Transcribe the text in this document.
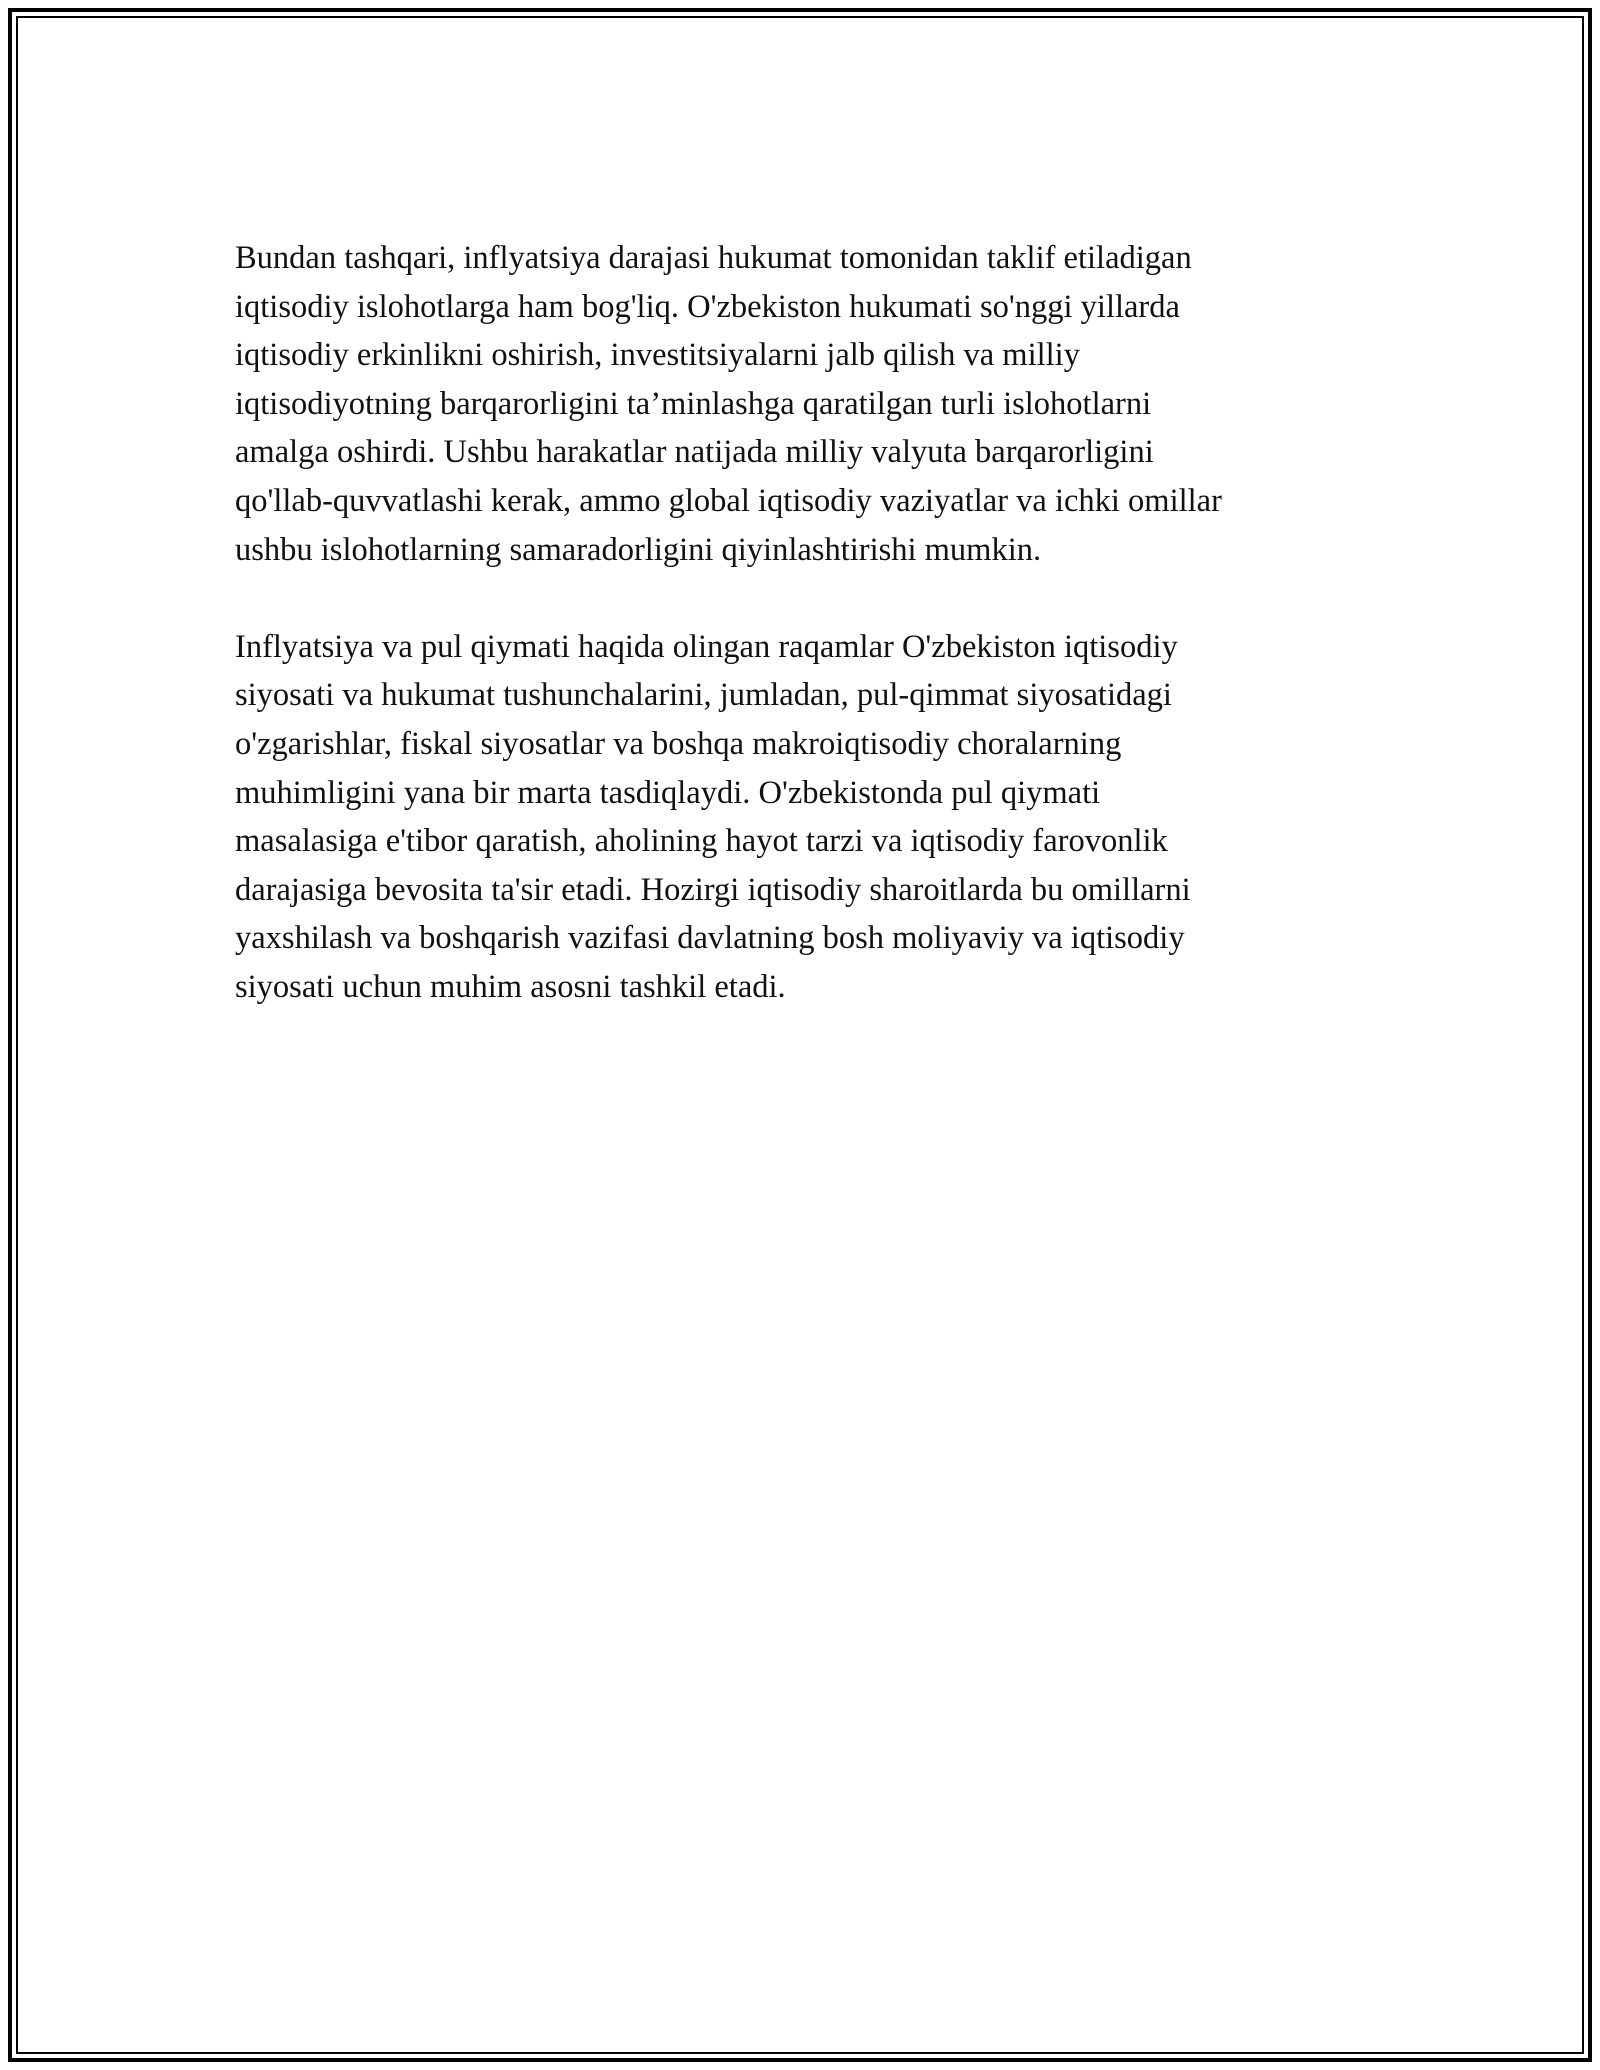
Bundan tashqari, inflyatsiya darajasi hukumat tomonidan taklif etiladigan
iqtisodiy islohotlarga ham bog'liq. O'zbekiston hukumati so'nggi yillarda
iqtisodiy erkinlikni oshirish, investitsiyalarni jalb qilish va milliy
iqtisodiyotning barqarorligini ta’minlashga qaratilgan turli islohotlarni
amalga oshirdi. Ushbu harakatlar natijada milliy valyuta barqarorligini
qo'llab-quvvatlashi kerak, ammo global iqtisodiy vaziyatlar va ichki omillar
ushbu islohotlarning samaradorligini qiyinlashtirishi mumkin.

Inflyatsiya va pul qiymati haqida olingan raqamlar O'zbekiston iqtisodiy
siyosati va hukumat tushunchalarini, jumladan, pul-qimmat siyosatidagi
o'zgarishlar, fiskal siyosatlar va boshqa makroiqtisodiy choralarning
muhimligini yana bir marta tasdiqlaydi. O'zbekistonda pul qiymati
masalasiga e'tibor qaratish, aholining hayot tarzi va iqtisodiy farovonlik
darajasiga bevosita ta'sir etadi. Hozirgi iqtisodiy sharoitlarda bu omillarni
yaxshilash va boshqarish vazifasi davlatning bosh moliyaviy va iqtisodiy
siyosati uchun muhim asosni tashkil etadi.
